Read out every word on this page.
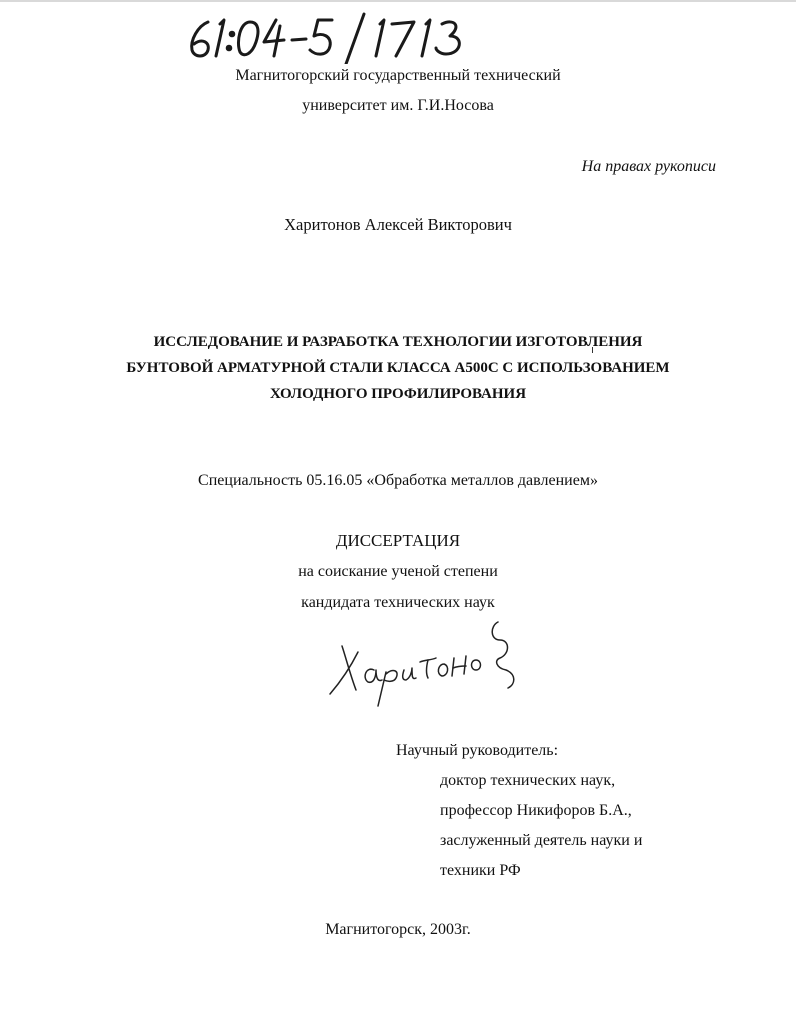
Магнитогорский государственный технический
университет им. Г.И.Носова
На правах рукописи
Харитонов Алексей Викторович
ИССЛЕДОВАНИЕ И РАЗРАБОТКА ТЕХНОЛОГИИ ИЗГОТОВЛЕНИЯ
БУНТОВОЙ АРМАТУРНОЙ СТАЛИ КЛАССА А500С С ИСПОЛЬЗОВАНИЕМ
ХОЛОДНОГО ПРОФИЛИРОВАНИЯ
Специальность 05.16.05 «Обработка металлов давлением»
ДИССЕРТАЦИЯ
на соискание ученой степени
кандидата технических наук
Научный руководитель:
доктор технических наук,
профессор Никифоров Б.А.,
заслуженный деятель науки и
техники РФ
Магнитогорск, 2003г.
